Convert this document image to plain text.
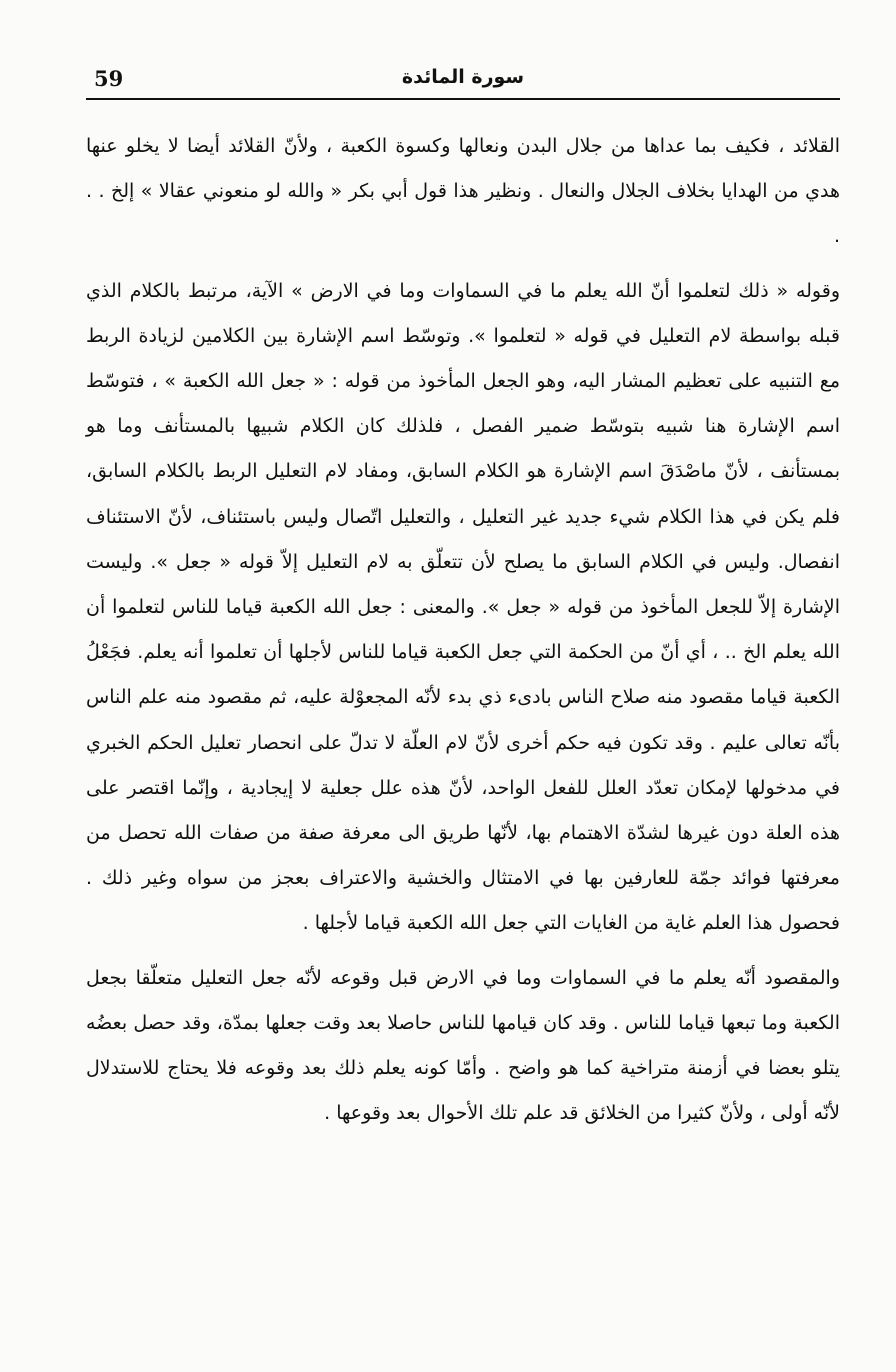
59	سورة المائدة

القلائد ، فكيف بما عداها من جلال البدن ونعالها وكسوة الكعبة ، ولأنّ القلائد أيضا لا يخلو عنها هدي من الهدايا بخلاف الجلال والنعال . ونظير هذا قول أبي بكر « والله لو منعوني عقالا » إلخ . . .

وقوله « ذلك لتعلموا أنّ الله يعلم ما في السماوات وما في الارض » الآية، مرتبط بالكلام الذي قبله بواسطة لام التعليل في قوله « لتعلموا ». وتوسّط اسم الإشارة بين الكلامين لزيادة الربط مع التنبيه على تعظيم المشار اليه، وهو الجعل المأخوذ من قوله : « جعل الله الكعبة » ، فتوسّط اسم الإشارة هنا شبيه بتوسّط ضمير الفصل ، فلذلك كان الكلام شبيها بالمستأنف وما هو بمستأنف ، لأنّ ماصْدَقَ اسم الإشارة هو الكلام السابق، ومفاد لام التعليل الربط بالكلام السابق، فلم يكن في هذا الكلام شيء جديد غير التعليل ، والتعليل اتّصال وليس باستئناف، لأنّ الاستئناف انفصال. وليس في الكلام السابق ما يصلح لأن تتعلّق به لام التعليل إلاّ قوله « جعل ». وليست الإشارة إلاّ للجعل المأخوذ من قوله « جعل ». والمعنى : جعل الله الكعبة قياما للناس لتعلموا أن الله يعلم الخ .. ، أي أنّ من الحكمة التي جعل الكعبة قياما للناس لأجلها أن تعلموا أنه يعلم. فجَعْلُ الكعبة قياما مقصود منه صلاح الناس بادىء ذي بدء لأنّه المجعوْلة عليه، ثم مقصود منه علم الناس بأنّه تعالى عليم . وقد تكون فيه حكم أخرى لأنّ لام العلّة لا تدلّ على انحصار تعليل الحكم الخبري في مدخولها لإمكان تعدّد العلل للفعل الواحد، لأنّ هذه علل جعلية لا إيجادية ، وإنّما اقتصر على هذه العلة دون غيرها لشدّة الاهتمام بها، لأنّها طريق الى معرفة صفة من صفات الله تحصل من معرفتها فوائد جمّة للعارفين بها في الامتثال والخشية والاعتراف بعجز من سواه وغير ذلك . فحصول هذا العلم غاية من الغايات التي جعل الله الكعبة قياما لأجلها .

والمقصود أنّه يعلم ما في السماوات وما في الارض قبل وقوعه لأنّه جعل التعليل متعلّقا بجعل الكعبة وما تبعها قياما للناس . وقد كان قيامها للناس حاصلا بعد وقت جعلها بمدّة، وقد حصل بعضُه يتلو بعضا في أزمنة متراخية كما هو واضح . وأمّا كونه يعلم ذلك بعد وقوعه فلا يحتاج للاستدلال لأنّه أولى ، ولأنّ كثيرا من الخلائق قد علم تلك الأحوال بعد وقوعها .
